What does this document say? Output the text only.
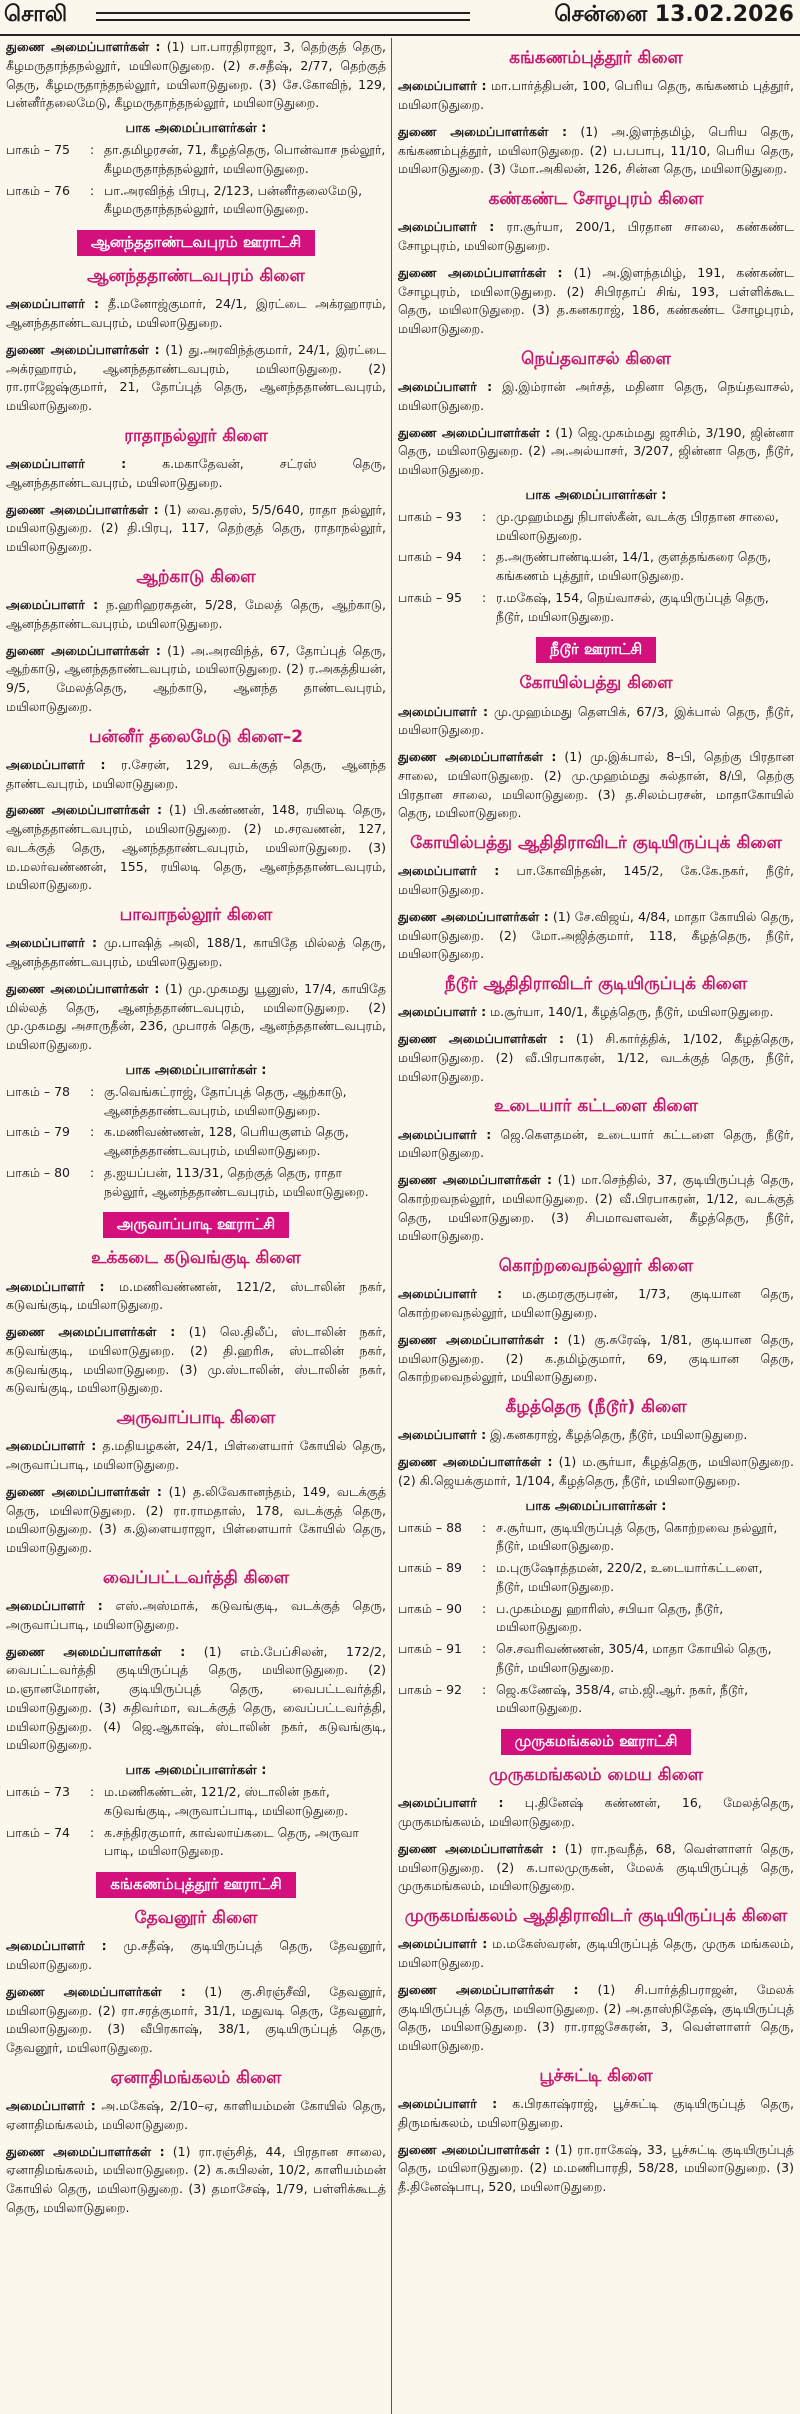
சொலி	சென்னை 13.02.2026

துணை அமைப்பாளர்கள் : (1) பா.பாரதிராஜா, 3, தெற்குத் தெரு, கீழமருதாந்தநல்லூர், மயிலாடுதுறை. (2) ச.சதீஷ், 2/77, தெற்குத் தெரு, கீழமருதாந்தநல்லூர், மயிலாடுதுறை. (3) சே.கோவிந், 129, பன்னீர்தலைமேடு, கீழமருதாந்தநல்லூர், மயிலாடுதுறை.

பாக அமைப்பாளர்கள் :
பாகம் – 75	:	தா.தமிழரசன், 71, கீழத்தெரு, பொன்வாச நல்லூர், கீழமருதாந்தநல்லூர், மயிலாடுதுறை.
பாகம் – 76	:	பா.அரவிந்த் பிரபு, 2/123, பன்னீர்தலைமேடு, கீழமருதாந்தநல்லூர், மயிலாடுதுறை.
ஆனந்ததாண்டவபுரம் ஊராட்சி
ஆனந்ததாண்டவபுரம் கிளை

அமைப்பாளர் : தீ.மனோஜ்குமார், 24/1, இரட்டை அக்ரஹாரம், ஆனந்ததாண்டவபுரம், மயிலாடுதுறை.

துணை அமைப்பாளர்கள் : (1) து.அரவிந்த்குமார், 24/1, இரட்டை அக்ரஹாரம், ஆனந்ததாண்டவபுரம், மயிலாடுதுறை. (2) ரா.ராஜேஷ்குமார், 21, தோப்புத் தெரு, ஆனந்ததாண்டவபுரம், மயிலாடுதுறை.

ராதாநல்லூர் கிளை

அமைப்பாளர் :	க.மகாதேவன், சட்ரஸ் தெரு, ஆனந்ததாண்டவபுரம், மயிலாடுதுறை.

துணை அமைப்பாளர்கள் : (1) வை.தரஸ், 5/5/640, ராதா நல்லூர், மயிலாடுதுறை. (2) தி.பிரபு, 117, தெற்குத் தெரு, ராதாநல்லூர், மயிலாடுதுறை.

ஆற்காடு கிளை

அமைப்பாளர் : ந.ஹரிஹரசுதன், 5/28, மேலத் தெரு, ஆற்காடு, ஆனந்ததாண்டவபுரம், மயிலாடுதுறை.

துணை அமைப்பாளர்கள் : (1) அ.அரவிந்த், 67, தோப்புத் தெரு, ஆற்காடு, ஆனந்ததாண்டவபுரம், மயிலாடுதுறை. (2) ர.அகத்தியன், 9/5, மேலத்தெரு, ஆற்காடு, ஆனந்த தாண்டவபுரம், மயிலாடுதுறை.

பன்னீர் தலைமேடு கிளை–2

அமைப்பாளர் : ர.சேரன், 129, வடக்குத் தெரு, ஆனந்த தாண்டவபுரம், மயிலாடுதுறை.

துணை அமைப்பாளர்கள் : (1) பி.கண்ணன், 148, ரயிலடி தெரு, ஆனந்ததாண்டவபுரம், மயிலாடுதுறை. (2) ம.சரவணன், 127, வடக்குத் தெரு, ஆனந்ததாண்டவபுரம், மயிலாடுதுறை. (3) ம.மலர்வண்ணன், 155, ரயிலடி தெரு, ஆனந்ததாண்டவபுரம், மயிலாடுதுறை.

பாவாநல்லூர் கிளை

அமைப்பாளர் : மு.பாஷித் அலி, 188/1, காயிதே மில்லத் தெரு, ஆனந்ததாண்டவபுரம், மயிலாடுதுறை.

துணை அமைப்பாளர்கள் : (1) மு.முகமது யூனுஸ், 17/4, காயிதே மில்லத் தெரு, ஆனந்ததாண்டவபுரம், மயிலாடுதுறை. (2) மு.முகமது அசாருதீன், 236, முபாரக் தெரு, ஆனந்ததாண்டவபுரம், மயிலாடுதுறை.

பாக அமைப்பாளர்கள் :
பாகம் – 78	:	கு.வெங்கட்ராஜ், தோப்புத் தெரு, ஆற்காடு, ஆனந்ததாண்டவபுரம், மயிலாடுதுறை.
பாகம் – 79	:	க.மணிவண்ணன், 128, பெரியகுளம் தெரு, ஆனந்ததாண்டவபுரம், மயிலாடுதுறை.
பாகம் – 80	:	த.ஐயப்பன், 113/31, தெற்குத் தெரு, ராதா நல்லூர், ஆனந்ததாண்டவபுரம், மயிலாடுதுறை.
அருவாப்பாடி ஊராட்சி
உக்கடை கடுவங்குடி கிளை

அமைப்பாளர் : ம.மணிவண்ணன், 121/2, ஸ்டாலின் நகர், கடுவங்குடி, மயிலாடுதுறை.

துணை அமைப்பாளர்கள் : (1) லெ.திலீப், ஸ்டாலின் நகர், கடுவங்குடி, மயிலாடுதுறை. (2) தி.ஹரிசு, ஸ்டாலின் நகர், கடுவங்குடி, மயிலாடுதுறை. (3) மு.ஸ்டாலின், ஸ்டாலின் நகர், கடுவங்குடி, மயிலாடுதுறை.

அருவாப்பாடி கிளை

அமைப்பாளர் : த.மதியழகன், 24/1, பிள்ளையார் கோயில் தெரு, அருவாப்பாடி, மயிலாடுதுறை.

துணை அமைப்பாளர்கள் : (1) த.லிவேகானந்தம், 149, வடக்குத் தெரு, மயிலாடுதுறை. (2) ரா.ராமதாஸ், 178, வடக்குத் தெரு, மயிலாடுதுறை. (3) க.இளையராஜா, பிள்ளையார் கோயில் தெரு, மயிலாடுதுறை.

வைப்பட்டவர்த்தி கிளை

அமைப்பாளர் : எஸ்.அஸ்மாக், கடுவங்குடி, வடக்குத் தெரு, அருவாப்பாடி, மயிலாடுதுறை.

துணை அமைப்பாளர்கள் : (1) எம்.பேப்சிலன், 172/2, வைபட்டவர்த்தி குடியிருப்புத் தெரு, மயிலாடுதுறை. (2) ம.ஞானமோரன், குடியிருப்புத் தெரு, வைபட்டவர்த்தி, மயிலாடுதுறை. (3) சுதிவர்மா, வடக்குத் தெரு, வைப்பட்டவர்த்தி, மயிலாடுதுறை. (4) ஜெ.ஆகாஷ், ஸ்டாலின் நகர், கடுவங்குடி, மயிலாடுதுறை.

பாக அமைப்பாளர்கள் :
பாகம் – 73	:	ம.மணிகண்டன், 121/2, ஸ்டாலின் நகர், கடுவங்குடி, அருவாப்பாடி, மயிலாடுதுறை.
பாகம் – 74	:	க.சந்திரகுமார், காவ்லாய்கடை தெரு, அருவா பாடி, மயிலாடுதுறை.
கங்கணம்புத்தூர் ஊராட்சி
தேவனூர் கிளை

அமைப்பாளர் : மு.சதீஷ், குடியிருப்புத் தெரு, தேவனூர், மயிலாடுதுறை.

துணை அமைப்பாளர்கள் : (1) கு.சிரஞ்சீவி, தேவனூர், மயிலாடுதுறை. (2) ரா.சரத்குமார், 31/1, மதுவடி தெரு, தேவனூர், மயிலாடுதுறை. (3) வீபிரகாஷ், 38/1, குடியிருப்புத் தெரு, தேவனூர், மயிலாடுதுறை.

ஏனாதிமங்கலம் கிளை

அமைப்பாளர் : அ.மகேஷ், 2/10–ஏ, காளியம்மன் கோயில் தெரு, ஏனாதிமங்கலம், மயிலாடுதுறை.

துணை அமைப்பாளர்கள் : (1) ரா.ரஞ்சித், 44, பிரதான சாலை, ஏனாதிமங்கலம், மயிலாடுதுறை. (2) க.கபிலன், 10/2, காளியம்மன் கோயில் தெரு, மயிலாடுதுறை. (3) தமாசேஷ், 1/79, பள்ளிக்கூடத் தெரு, மயிலாடுதுறை.

கங்கணம்புத்தூர் கிளை

அமைப்பாளர் : மா.பார்த்திபன், 100, பெரிய தெரு, கங்கணம் புத்தூர், மயிலாடுதுறை.

துணை அமைப்பாளர்கள் : (1) அ.இளந்தமிழ், பெரிய தெரு, கங்கணம்புத்தூர், மயிலாடுதுறை. (2) ப.பபாபு, 11/10, பெரிய தெரு, மயிலாடுதுறை. (3) மோ.அகிலன், 126, சின்ன தெரு, மயிலாடுதுறை.

கண்கண்ட சோழபுரம் கிளை

அமைப்பாளர் : ரா.சூர்யா, 200/1, பிரதான சாலை, கண்கண்ட சோழபுரம், மயிலாடுதுறை.

துணை அமைப்பாளர்கள் : (1) அ.இளந்தமிழ், 191, கண்கண்ட சோழபுரம், மயிலாடுதுறை. (2) சிபிரதாப் சிங், 193, பள்ளிக்கூட தெரு, மயிலாடுதுறை. (3) த.கனகராஜ், 186, கண்கண்ட சோழபுரம், மயிலாடுதுறை.

நெய்தவாசல் கிளை

அமைப்பாளர் : இ.இம்ரான் அர்சத், மதினா தெரு, நெய்தவாசல், மயிலாடுதுறை.

துணை அமைப்பாளர்கள் : (1) ஜெ.முகம்மது ஜாசிம், 3/190, ஜின்னா தெரு, மயிலாடுதுறை. (2) அ.அல்யாசர், 3/207, ஜின்னா தெரு, நீடூர், மயிலாடுதுறை.

பாக அமைப்பாளர்கள் :
பாகம் – 93	:	மு.முஹம்மது நிபாஸ்கீன், வடக்கு பிரதான சாலை, மயிலாடுதுறை.
பாகம் – 94	:	த.அருண்பாண்டியன், 14/1, குளத்தங்கரை தெரு, கங்கணம் புத்தூர், மயிலாடுதுறை.
பாகம் – 95	:	ர.மகேஷ், 154, நெய்வாசல், குடியிருப்புத் தெரு, நீடூர், மயிலாடுதுறை.
நீடூர் ஊராட்சி
கோயில்பத்து கிளை

அமைப்பாளர் : மு.முஹம்மது தௌபிக், 67/3, இக்பால் தெரு, நீடூர், மயிலாடுதுறை.

துணை அமைப்பாளர்கள் : (1) மு.இக்பால், 8–பி, தெற்கு பிரதான சாலை, மயிலாடுதுறை. (2) மு.முஹம்மது சுல்தான், 8/பி, தெற்கு பிரதான சாலை, மயிலாடுதுறை. (3) த.சிலம்பரசன், மாதாகோயில் தெரு, மயிலாடுதுறை.

கோயில்பத்து ஆதிதிராவிடர் குடியிருப்புக் கிளை

அமைப்பாளர் : பா.கோவிந்தன், 145/2, கே.கே.நகர், நீடூர், மயிலாடுதுறை.

துணை அமைப்பாளர்கள் : (1) சே.விஜய், 4/84, மாதா கோயில் தெரு, மயிலாடுதுறை. (2) மோ.அஜித்குமார், 118, கீழத்தெரு, நீடூர், மயிலாடுதுறை.

நீடூர் ஆதிதிராவிடர் குடியிருப்புக் கிளை

அமைப்பாளர் : ம.சூர்யா, 140/1, கீழத்தெரு, நீடூர், மயிலாடுதுறை.

துணை அமைப்பாளர்கள் : (1) சி.கார்த்திக், 1/102, கீழத்தெரு, மயிலாடுதுறை. (2) வீ.பிரபாகரன், 1/12, வடக்குத் தெரு, நீடூர், மயிலாடுதுறை.

உடையார் கட்டளை கிளை

அமைப்பாளர் : ஜெ.கௌதமன், உடையார் கட்டளை தெரு, நீடூர், மயிலாடுதுறை.

துணை அமைப்பாளர்கள் : (1) மா.செந்தில், 37, குடியிருப்புத் தெரு, கொற்றவநல்லூர், மயிலாடுதுறை. (2) வீ.பிரபாகரன், 1/12, வடக்குத் தெரு, மயிலாடுதுறை. (3) சிபமாவளவன், கீழத்தெரு, நீடூர், மயிலாடுதுறை.

கொற்றவைநல்லூர் கிளை

அமைப்பாளர் : ம.குமரகுருபரன், 1/73, குடியான தெரு, கொற்றவைநல்லூர், மயிலாடுதுறை.

துணை அமைப்பாளர்கள் : (1) கு.சுரேஷ், 1/81, குடியான தெரு, மயிலாடுதுறை. (2) க.தமிழ்குமார், 69, குடியான தெரு, கொற்றவைநல்லூர், மயிலாடுதுறை.

கீழத்தெரு (நீடூர்) கிளை

அமைப்பாளர் : இ.கனகராஜ், கீழத்தெரு, நீடூர், மயிலாடுதுறை.

துணை அமைப்பாளர்கள் : (1) ம.சூர்யா, கீழத்தெரு, மயிலாடுதுறை. (2) கி.ஜெயக்குமார், 1/104, கீழத்தெரு, நீடூர், மயிலாடுதுறை.

பாக அமைப்பாளர்கள் :
பாகம் – 88	:	ச.சூர்யா, குடியிருப்புத் தெரு, கொற்றவை நல்லூர், நீடூர், மயிலாடுதுறை.
பாகம் – 89	:	ம.புருஷோத்தமன், 220/2, உடையார்கட்டளை, நீடூர், மயிலாடுதுறை.
பாகம் – 90	:	ப.முகம்மது ஹாரிஸ், சபியா தெரு, நீடூர், மயிலாடுதுறை.
பாகம் – 91	:	செ.சவரிவண்ணன், 305/4, மாதா கோயில் தெரு, நீடூர், மயிலாடுதுறை.
பாகம் – 92	:	ஜெ.கணேஷ், 358/4, எம்.ஜி.ஆர். நகர், நீடூர், மயிலாடுதுறை.
முருகமங்கலம் ஊராட்சி
முருகமங்கலம் மைய கிளை

அமைப்பாளர் : பு.தினேஷ் கண்ணன், 16, மேலத்தெரு, முருகமங்கலம், மயிலாடுதுறை.

துணை அமைப்பாளர்கள் : (1) ரா.நவநீத், 68, வெள்ளாளர் தெரு, மயிலாடுதுறை. (2) க.பாலமுருகன், மேலக் குடியிருப்புத் தெரு, முருகமங்கலம், மயிலாடுதுறை.

முருகமங்கலம் ஆதிதிராவிடர் குடியிருப்புக் கிளை

அமைப்பாளர் : ம.மகேஸ்வரன், குடியிருப்புத் தெரு, முருக மங்கலம், மயிலாடுதுறை.

துணை அமைப்பாளர்கள் : (1) சி.பார்த்திபராஜன், மேலக் குடியிருப்புத் தெரு, மயிலாடுதுறை. (2) அ.தாஸ்நிதேஷ், குடியிருப்புத் தெரு, மயிலாடுதுறை. (3) ரா.ராஜசேகரன், 3, வெள்ளாளர் தெரு, மயிலாடுதுறை.

பூச்சுட்டி கிளை

அமைப்பாளர் : க.பிரகாஷ்ராஜ், பூச்சுட்டி குடியிருப்புத் தெரு, திருமங்கலம், மயிலாடுதுறை.

துணை அமைப்பாளர்கள் : (1) ரா.ராகேஷ், 33, பூச்சுட்டி குடியிருப்புத் தெரு, மயிலாடுதுறை. (2) ம.மணிபாரதி, 58/28, மயிலாடுதுறை. (3) தீ.தினேஷ்பாபு, 520, மயிலாடுதுறை.
